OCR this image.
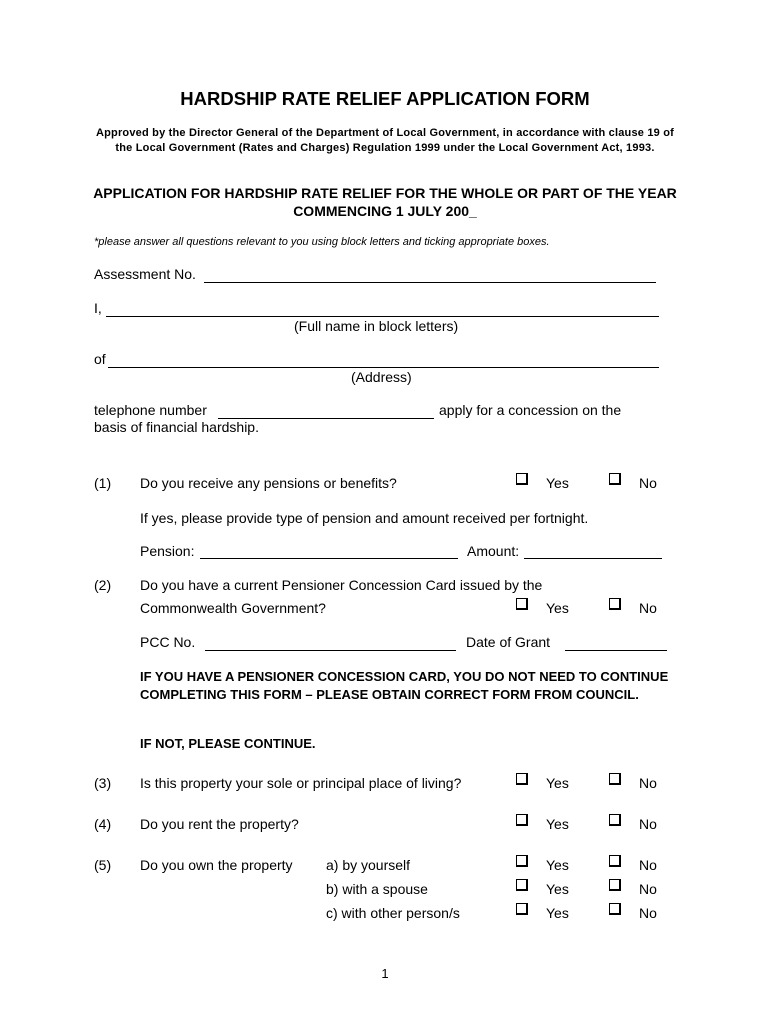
HARDSHIP RATE RELIEF APPLICATION FORM
Approved by the Director General of the Department of Local Government, in accordance with clause 19 of the Local Government (Rates and Charges) Regulation 1999 under the Local Government Act, 1993.
APPLICATION FOR HARDSHIP RATE RELIEF FOR THE WHOLE OR PART OF THE YEAR COMMENCING 1 JULY 200_
*please answer all questions relevant to you using block letters and ticking appropriate boxes.
Assessment No.
I,
(Full name in block letters)
of
(Address)
telephone number	apply for a concession on the
basis of financial hardship.
(1) Do you receive any pensions or benefits?	Yes	No
If yes, please provide type of pension and amount received per fortnight.
Pension:	Amount:
(2) Do you have a current Pensioner Concession Card issued by the
Commonwealth Government?	Yes	No
PCC No.	Date of Grant
IF YOU HAVE A PENSIONER CONCESSION CARD, YOU DO NOT NEED TO CONTINUE COMPLETING THIS FORM – PLEASE OBTAIN CORRECT FORM FROM COUNCIL.
IF NOT, PLEASE CONTINUE.
(3) Is this property your sole or principal place of living?	Yes	No
(4) Do you rent the property?	Yes	No
(5) Do you own the property a) by yourself	Yes	No
b) with a spouse	Yes	No
c) with other person/s	Yes	No
1
